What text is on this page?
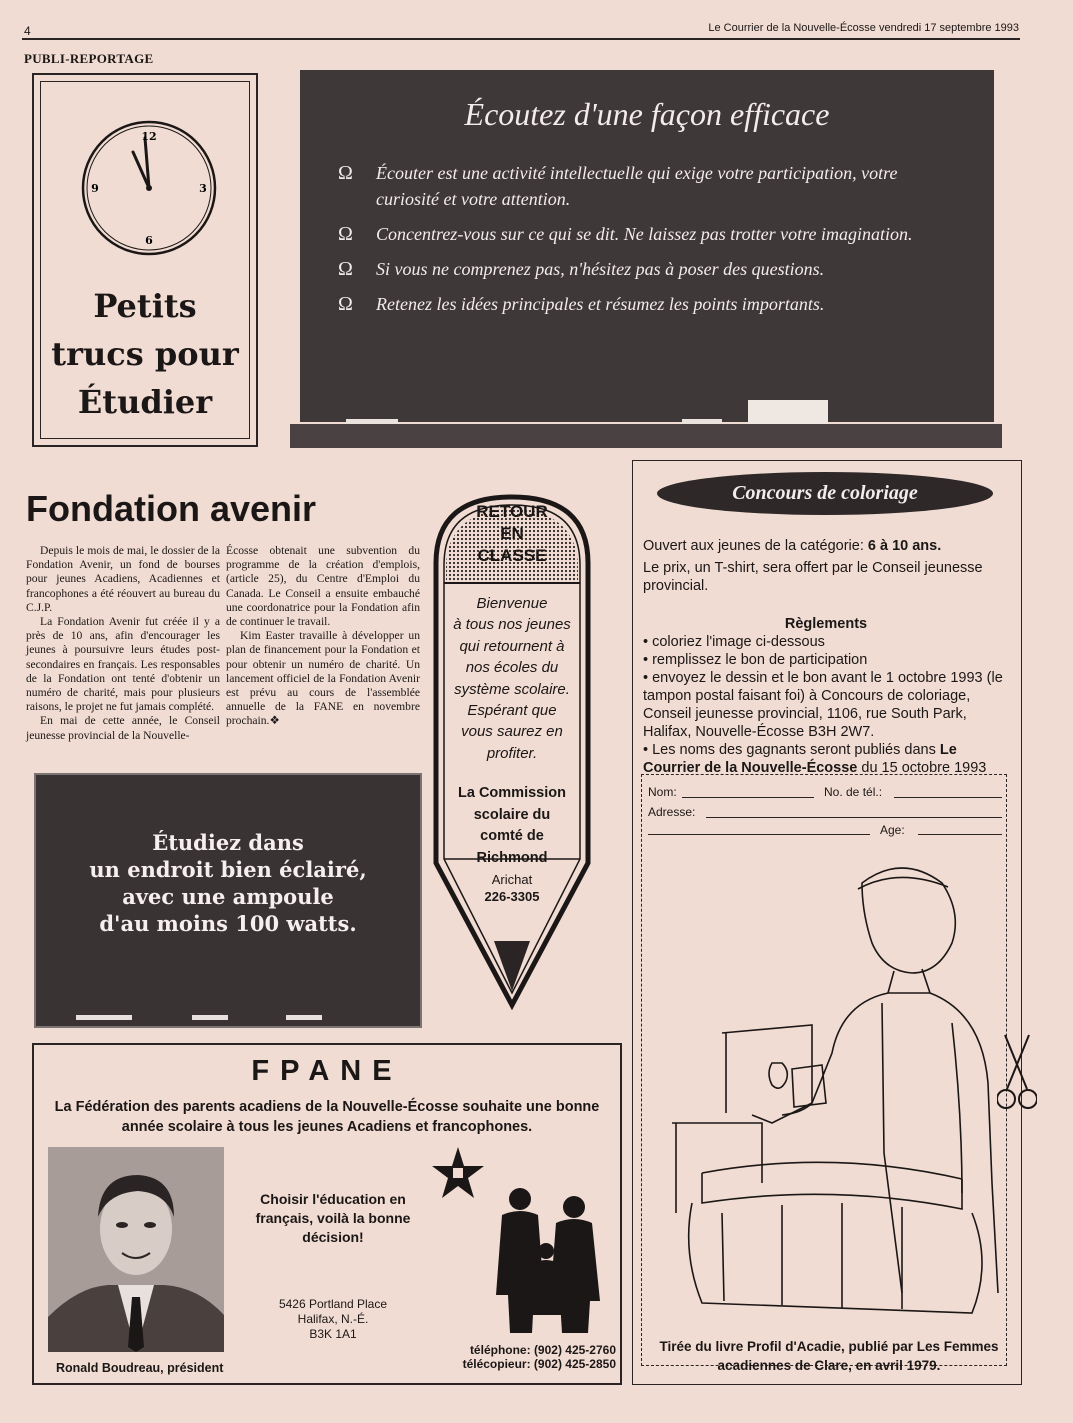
4	Le Courrier de la Nouvelle-Écosse vendredi 17 septembre 1993
PUBLI-REPORTAGE
12
3
6
9
Petits
trucs pour
Étudier
Écoutez d'une façon efficace
Ω Écouter est une activité intellectuelle qui exige votre participation, votre curiosité et votre attention.
Ω Concentrez-vous sur ce qui se dit. Ne laissez pas trotter votre imagination.
Ω Si vous ne comprenez pas, n'hésitez pas à poser des questions.
Ω Retenez les idées principales et résumez les points importants.
Fondation avenir

Depuis le mois de mai, le dossier de la Fondation Avenir, un fond de bourses pour jeunes Acadiens, Acadiennes et francophones a été réouvert au bureau du C.J.P.

La Fondation Avenir fut créée il y a près de 10 ans, afin d'encourager les jeunes à poursuivre leurs études post-secondaires en français. Les responsables de la Fondation ont tenté d'obtenir un numéro de charité, mais pour plusieurs raisons, le projet ne fut jamais complété.

En mai de cette année, le Conseil jeunesse provincial de la Nouvelle-

Écosse obtenait une subvention du programme de la création d'emplois, (article 25), du Centre d'Emploi du Canada. Le Conseil a ensuite embauché une coordonatrice pour la Fondation afin de continuer le travail.

Kim Easter travaille à développer un plan de financement pour la Fondation et pour obtenir un numéro de charité. Un lancement officiel de la Fondation Avenir est prévu au cours de l'assemblée annuelle de la FANE en novembre prochain.❖

Étudiez dans
un endroit bien éclairé,
avec une ampoule
d'au moins 100 watts.
RETOUR
EN
CLASSE
Bienvenue
à tous nos jeunes
qui retournent à
nos écoles du
système scolaire.
Espérant que
vous saurez en
profiter.
La Commission
scolaire du
comté de
Richmond
Arichat
226-3305
Concours de coloriage
Ouvert aux jeunes de la catégorie: 6 à 10 ans.
Le prix, un T-shirt, sera offert par le Conseil jeunesse provincial.
Règlements
• coloriez l'image ci-dessous
• remplissez le bon de participation
• envoyez le dessin et le bon avant le 1 octobre 1993 (le tampon postal faisant foi) à Concours de coloriage, Conseil jeunesse provincial, 1106, rue South Park, Halifax, Nouvelle-Écosse B3H 2W7.
• Les noms des gagnants seront publiés dans Le Courrier de la Nouvelle-Écosse du 15 octobre 1993
Nom:	No. de tél.:
Adresse:
Age:
Tirée du livre Profil d'Acadie, publié par Les Femmes acadiennes de Clare, en avril 1979.
FPANE
La Fédération des parents acadiens de la Nouvelle-Écosse souhaite une bonne année scolaire à tous les jeunes Acadiens et francophones.
Ronald Boudreau, président
Choisir l'éducation en français, voilà la bonne décision!
5426 Portland Place
Halifax, N.-É.
B3K 1A1
téléphone: (902) 425-2760
télécopieur: (902) 425-2850
